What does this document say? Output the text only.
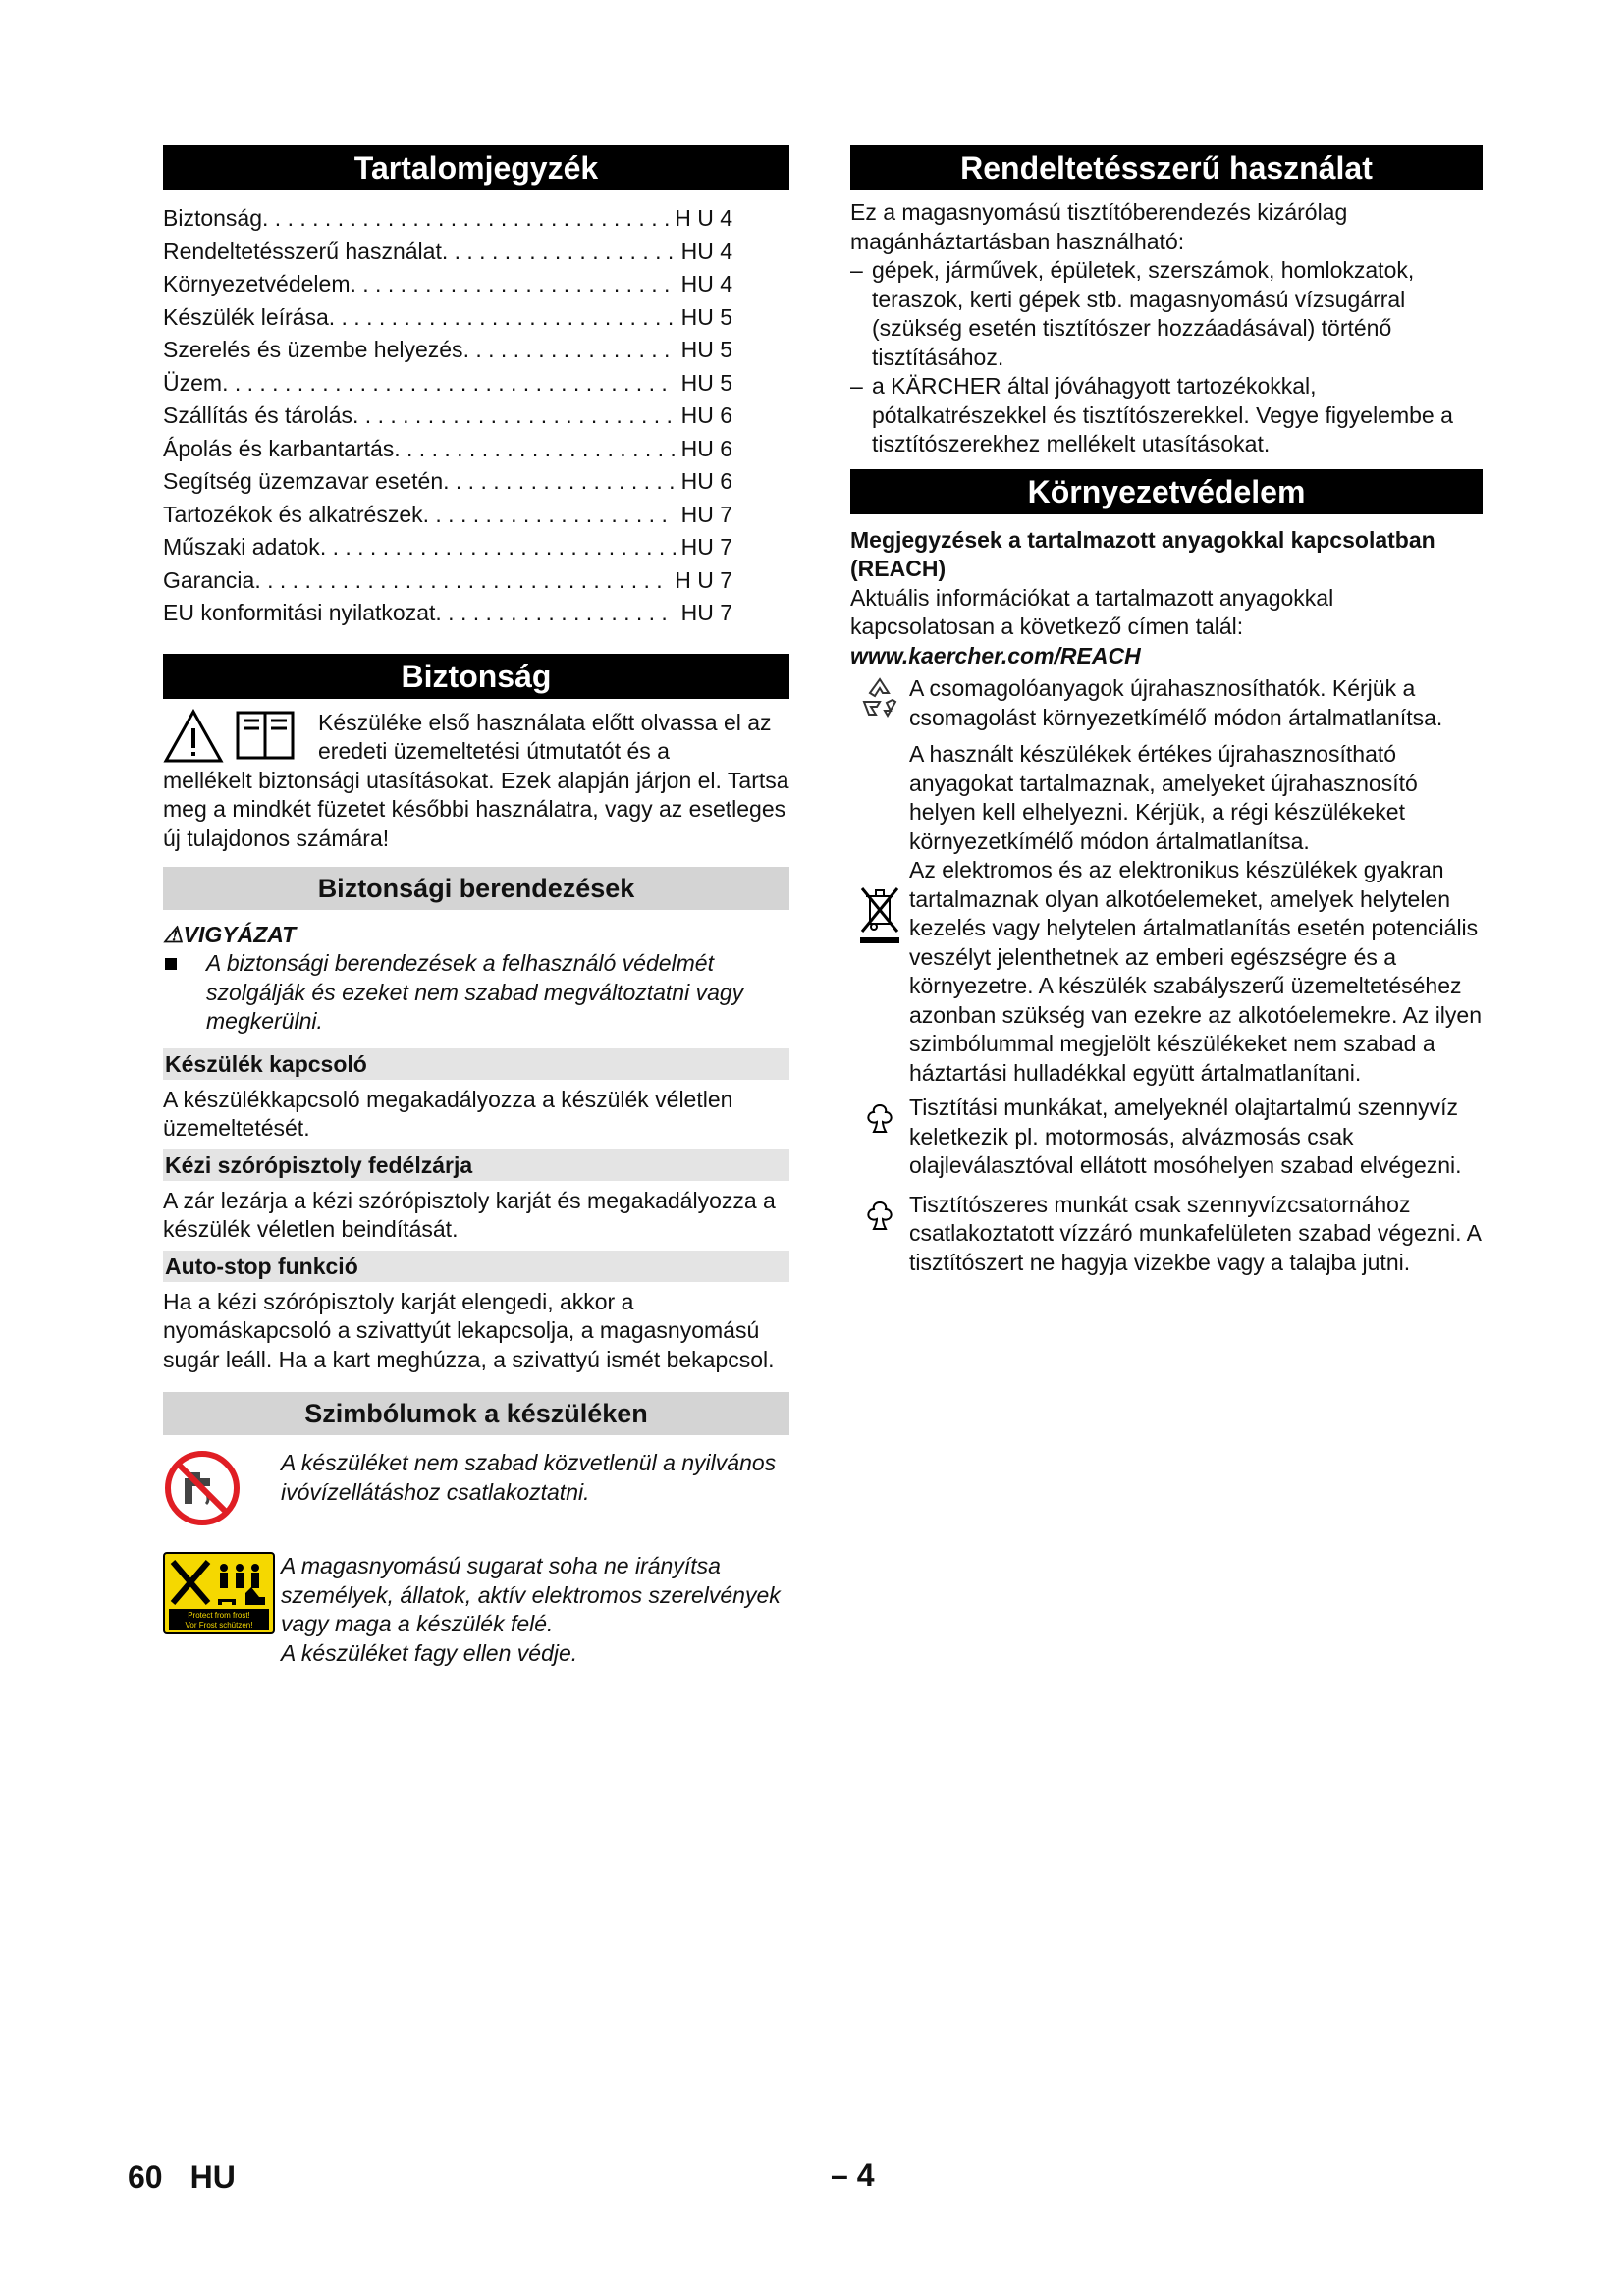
Tartalomjegyzék
Biztonság . . .	H U 4
Rendeltetésszerű használat . . .	HU 4
Környezetvédelem . . .	HU 4
Készülék leírása . . .	HU 5
Szerelés és üzembe helyezés . . .	HU 5
Üzem . . .	HU 5
Szállítás és tárolás . . .	HU 6
Ápolás és karbantartás . . .	HU 6
Segítség üzemzavar esetén . . .	HU 6
Tartozékok és alkatrészek . . .	HU 7
Műszaki adatok . . .	HU 7
Garancia . . .	H U 7
EU konformitási nyilatkozat . . .	HU 7
Biztonság

Készüléke első használata előtt olvassa el az eredeti üzemeltetési útmutatót és a

mellékelt biztonsági utasításokat. Ezek alapján járjon el. Tartsa meg a mindkét füzetet későbbi használatra, vagy az esetleges új tulajdonos számára!

Biztonsági berendezések
⚠VIGYÁZAT
A biztonsági berendezések a felhasználó védelmét szolgálják és ezeket nem szabad megváltoztatni vagy megkerülni.
Készülék kapcsoló

A készülékkapcsoló megakadályozza a készülék véletlen üzemeltetését.

Kézi szórópisztoly fedélzárja

A zár lezárja a kézi szórópisztoly karját és megakadályozza a készülék véletlen beindítását.

Auto-stop funkció

Ha a kézi szórópisztoly karját elengedi, akkor a nyomáskapcsoló a szivattyút lekapcsolja, a magasnyomású sugár leáll. Ha a kart meghúzza, a szivattyú ismét bekapcsol.

Szimbólumok a készüléken
A készüléket nem szabad közvetlenül a nyilvános ivóvízellátáshoz csatlakoztatni.
Protect from frost!
Vor Frost schützen!
A magasnyomású sugarat soha ne irányítsa személyek, állatok, aktív elektromos szerelvények vagy maga a készülék felé.
A készüléket fagy ellen védje.
Rendeltetésszerű használat

Ez a magasnyomású tisztítóberendezés kizárólag magánháztartásban használható:

– gépek, járművek, épületek, szerszámok, homlokzatok, teraszok, kerti gépek stb. magasnyomású vízsugárral (szükség esetén tisztítószer hozzáadásával) történő tisztításához.
– a KÄRCHER által jóváhagyott tartozékokkal, pótalkatrészekkel és tisztítószerekkel. Vegye figyelembe a tisztítószerekhez mellékelt utasításokat.
Környezetvédelem

Megjegyzések a tartalmazott anyagokkal kapcsolatban (REACH)

Aktuális információkat a tartalmazott anyagokkal kapcsolatosan a következő címen talál:

www.kaercher.com/REACH

A csomagolóanyagok újrahasznosíthatók. Kérjük a csomagolást környezetkímélő módon ártalmatlanítsa.
A használt készülékek értékes újrahasznosítható anyagokat tartalmaznak, amelyeket újrahasznosító helyen kell elhelyezni. Kérjük, a régi készülékeket környezetkímélő módon ártalmatlanítsa.
Az elektromos és az elektronikus készülékek gyakran tartalmaznak olyan alkotóelemeket, amelyek helytelen kezelés vagy helytelen ártalmatlanítás esetén potenciális veszélyt jelenthetnek az emberi egészségre és a környezetre. A készülék szabályszerű üzemeltetéséhez azonban szükség van ezekre az alkotóelemekre. Az ilyen szimbólummal megjelölt készülékeket nem szabad a háztartási hulladékkal együtt ártalmatlanítani.
Tisztítási munkákat, amelyeknél olajtartalmú szennyvíz keletkezik pl. motormosás, alvázmosás csak olajleválasztóval ellátott mosóhelyen szabad elvégezni.
Tisztítószeres munkát csak szennyvízcsatornához csatlakoztatott vízzáró munkafelületen szabad végezni. A tisztítószert ne hagyja vizekbe vagy a talajba jutni.
60 HU	– 4
